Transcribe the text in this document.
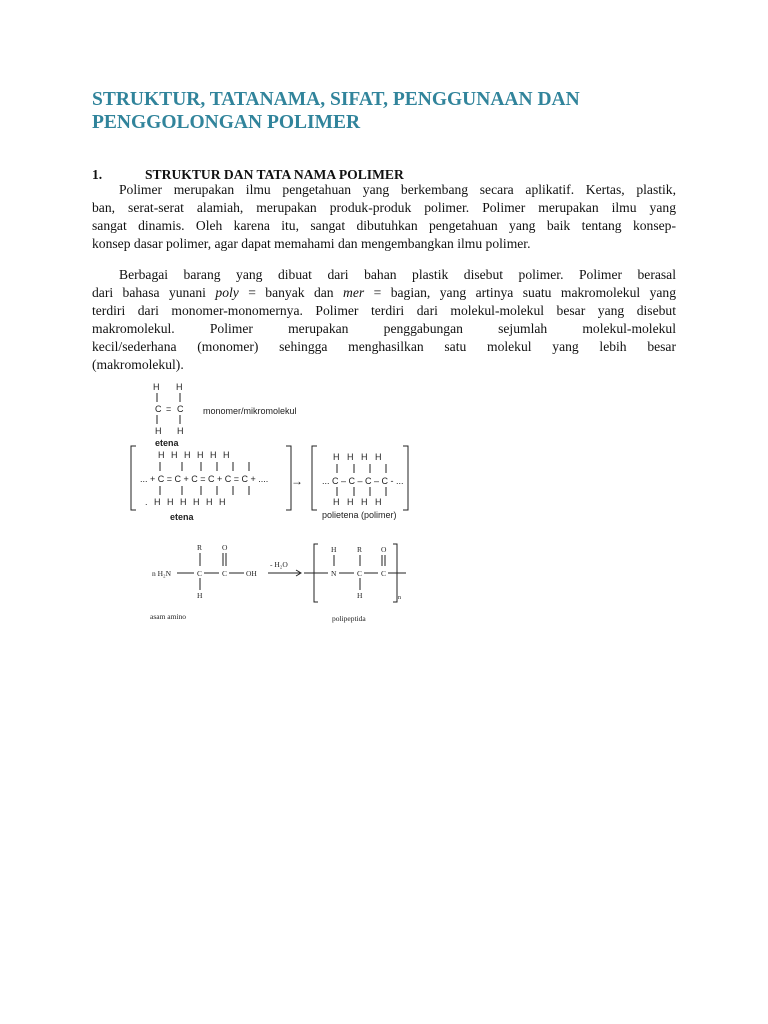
STRUKTUR, TATANAMA, SIFAT, PENGGUNAAN DAN
PENGGOLONGAN POLIMER
1.	STRUKTUR DAN TATA NAMA POLIMER

Polimer merupakan ilmu pengetahuan yang berkembang secara aplikatif. Kertas, plastik,
ban, serat-serat alamiah, merupakan produk-produk polimer. Polimer merupakan ilmu yang
sangat dinamis. Oleh karena itu, sangat dibutuhkan pengetahuan yang baik tentang konsep-
konsep dasar polimer, agar dapat memahami dan mengembangkan ilmu polimer.

Berbagai barang yang dibuat dari bahan plastik disebut polimer. Polimer berasal
dari bahasa yunani poly = banyak dan mer = bagian, yang artinya suatu makromolekul yang
terdiri dari monomer-monomernya. Polimer terdiri dari molekul-molekul besar yang disebut
makromolekul. Polimer merupakan penggabungan sejumlah molekul-molekul
kecil/sederhana (monomer) sehingga menghasilkan satu molekul yang lebih besar
(makromolekul).

H H
C = C
H H
monomer/mikromolekul
etena
H H H H H H
... + C = C + C = C + C = C + ....
. H H H H H H
etena
→
H H H H
... C – C – C – C - ...
H H H H
polietena (polimer)
R	O
n H₂N	C	C	OH
H
- H₂O
asam amino
H	R	O
N	C	C
H	n
polipeptida
